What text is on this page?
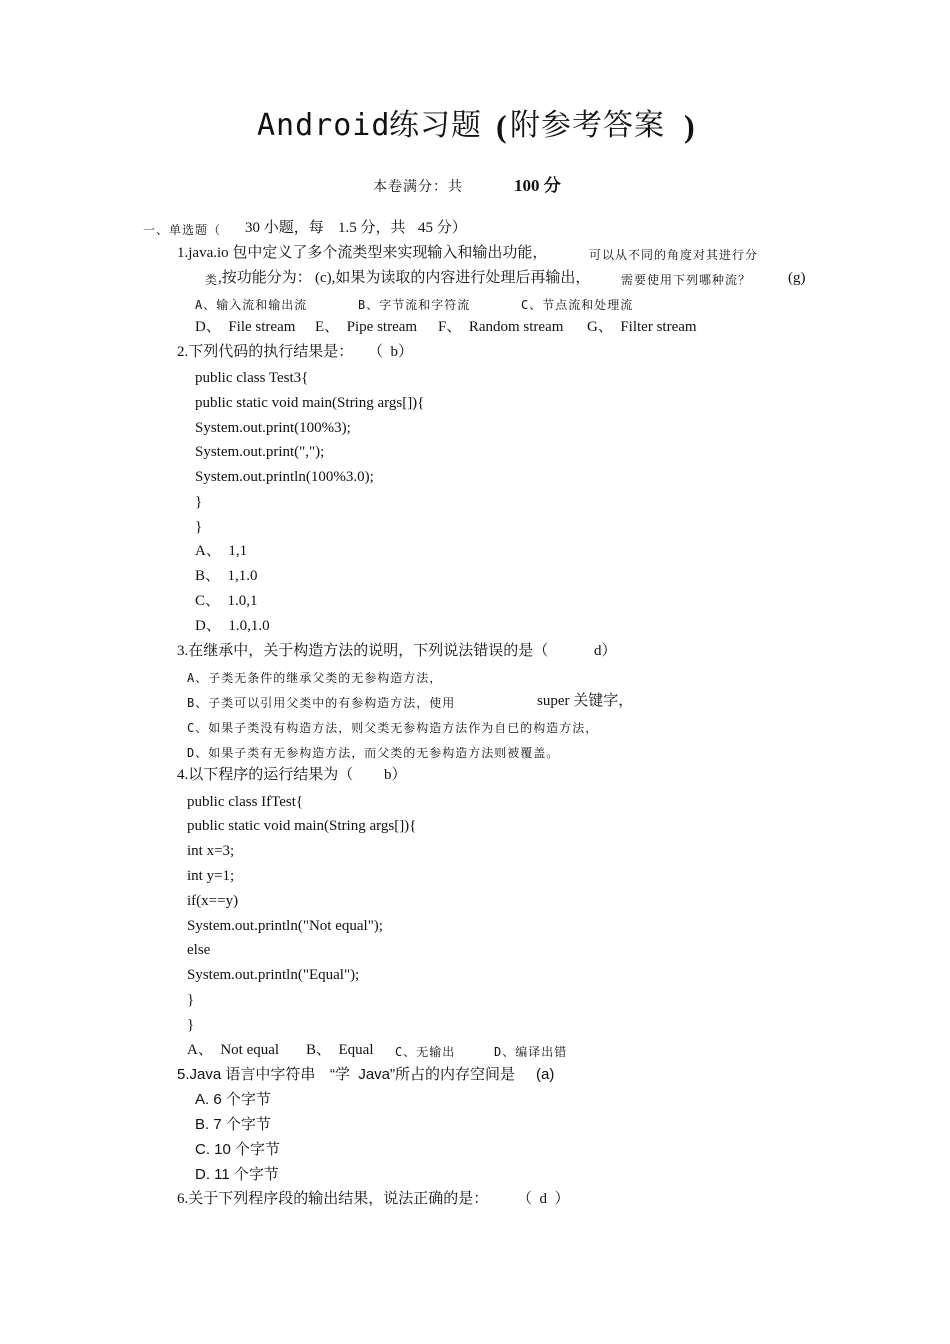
Android
练习题 ( 附参考答案 )
本卷满分：共	100 分
一、单选题（ 30 小题，每 1.5 分，共 45 分）
1.java.io 包中定义了多个流类型来实现输入和输出功能，	可以从不同的角度对其进行分
类 ,按功能分为： (c),如果为读取的内容进行处理后再输出，	需要使用下列哪种流？ (g)
A、输入流和输出流	B、字节流和字符流	C、节点流和处理流
D、  File stream E、  Pipe stream F、  Random stream G、  Filter stream
2.下列代码的执行结果是： （  b）
public class Test3{
public static void main(String args[]){
System.out.print(100%3);
System.out.print(",");
System.out.println(100%3.0);
}
}
A、  1,1
B、  1,1.0
C、  1.0,1
D、  1.0,1.0
3.在继承中，关于构造方法的说明，下列说法错误的是（	d）
A、子类无条件的继承父类的无参构造方法，
B、子类可以引用父类中的有参构造方法，使用	super 关键字，
C、如果子类没有构造方法，则父类无参构造方法作为自已的构造方法，
D、如果子类有无参构造方法，而父类的无参构造方法则被覆盖。
4.以下程序的运行结果为（ b）
public class IfTest{
public static void main(String args[]){
int x=3;
int y=1;
if(x==y)
System.out.println("Not equal");
else
System.out.println("Equal");
}
}
A、  Not equal B、  Equal C、无输出	D、编译出错
5.Java 语言中字符串 “学  Java”所占的内存空间是 (a)
A. 6 个字节
B. 7 个字节
C. 10 个字节
D. 11 个字节
6.关于下列程序段的输出结果，说法正确的是： （  d  ）
